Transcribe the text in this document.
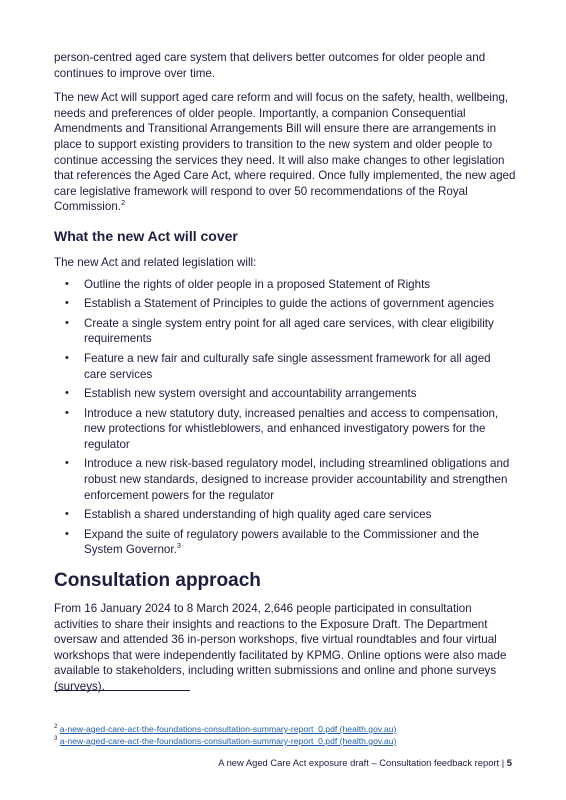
person-centred aged care system that delivers better outcomes for older people and continues to improve over time.

The new Act will support aged care reform and will focus on the safety, health, wellbeing, needs and preferences of older people. Importantly, a companion Consequential Amendments and Transitional Arrangements Bill will ensure there are arrangements in place to support existing providers to transition to the new system and older people to continue accessing the services they need. It will also make changes to other legislation that references the Aged Care Act, where required. Once fully implemented, the new aged care legislative framework will respond to over 50 recommendations of the Royal Commission.$^2$

What the new Act will cover

The new Act and related legislation will:

• Outline the rights of older people in a proposed Statement of Rights
• Establish a Statement of Principles to guide the actions of government agencies
• Create a single system entry point for all aged care services, with clear eligibility requirements
• Feature a new fair and culturally safe single assessment framework for all aged care services
• Establish new system oversight and accountability arrangements
• Introduce a new statutory duty, increased penalties and access to compensation, new protections for whistleblowers, and enhanced investigatory powers for the regulator
• Introduce a new risk-based regulatory model, including streamlined obligations and robust new standards, designed to increase provider accountability and strengthen enforcement powers for the regulator
• Establish a shared understanding of high quality aged care services
• Expand the suite of regulatory powers available to the Commissioner and the System Governor.$^3$
Consultation approach

From 16 January 2024 to 8 March 2024, 2,646 people participated in consultation activities to share their insights and reactions to the Exposure Draft. The Department oversaw and attended 36 in-person workshops, five virtual roundtables and four virtual workshops that were independently facilitated by KPMG. Online options were also made available to stakeholders, including written submissions and online and phone surveys (surveys).

$^2$ a-new-aged-care-act-the-foundations-consultation-summary-report_0.pdf (health.gov.au)
$^3$ a-new-aged-care-act-the-foundations-consultation-summary-report_0.pdf (health.gov.au)
A new Aged Care Act exposure draft – Consultation feedback report | 5
